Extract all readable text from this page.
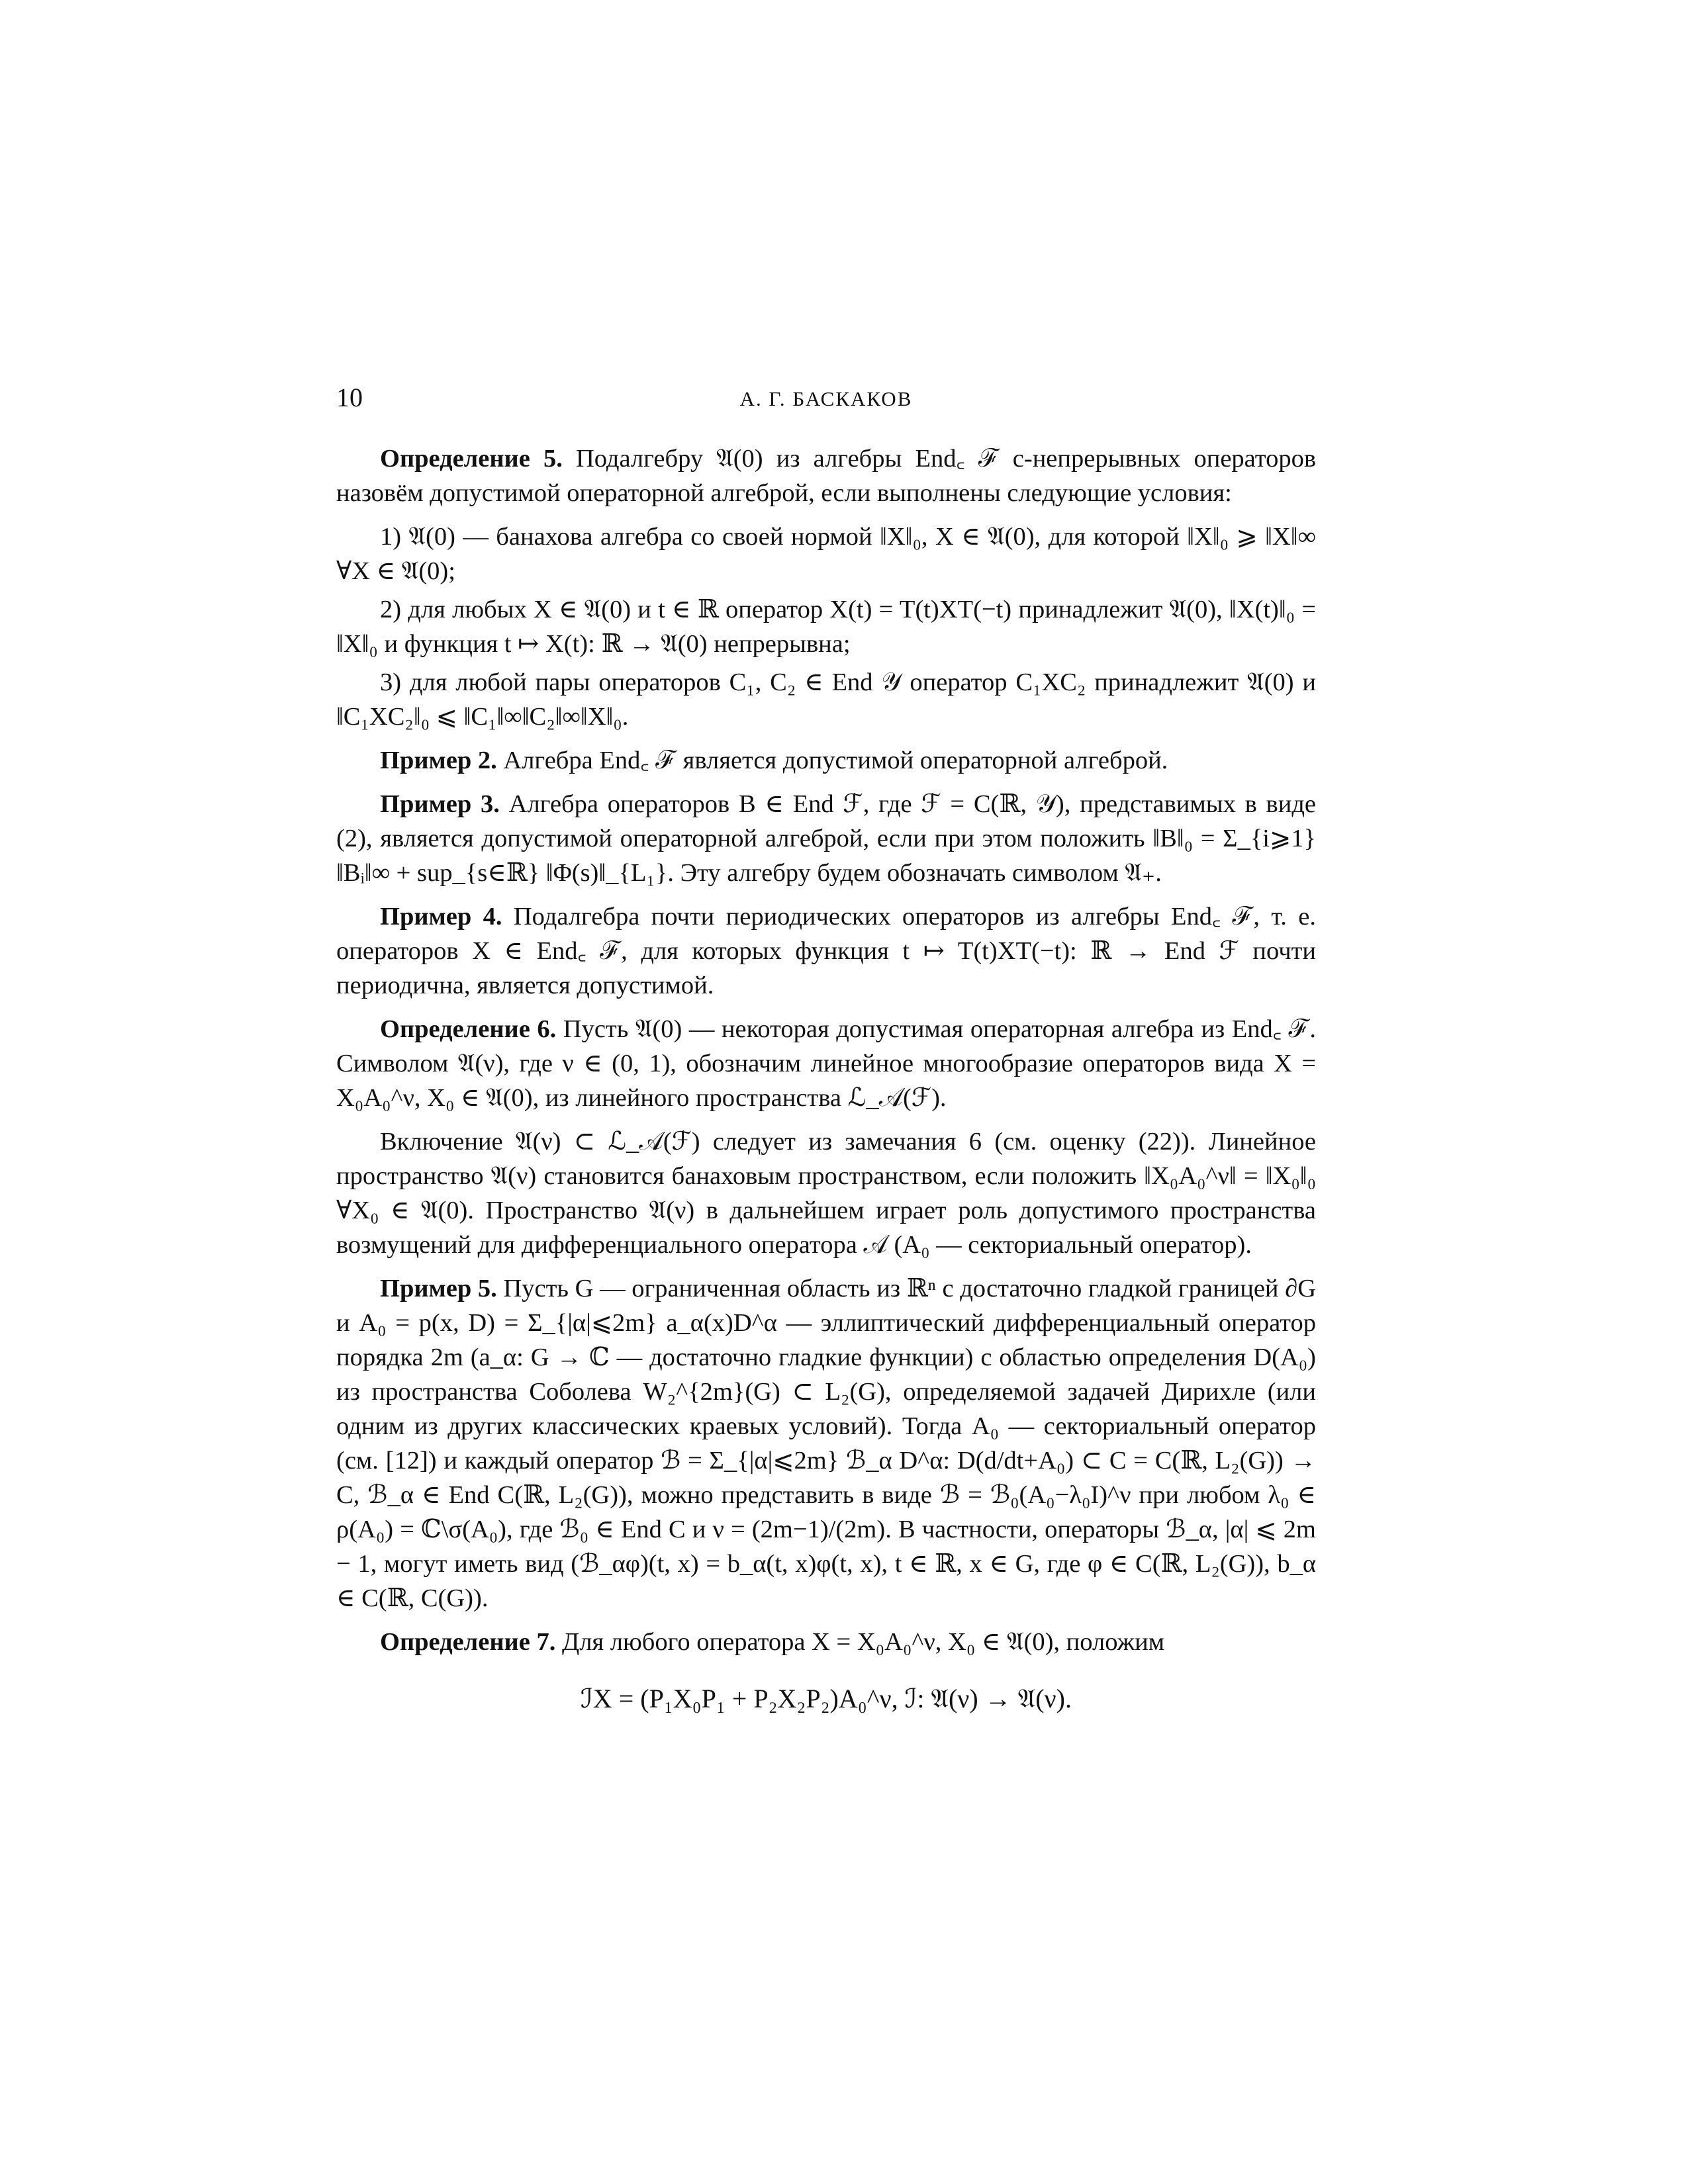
10	А. Г. БАСКАКОВ

Определение 5. Подалгебру 𝔄(0) из алгебры End꜀ ℱ c-непрерывных операторов назовём допустимой операторной алгеброй, если выполнены следующие условия:

1) 𝔄(0) — банахова алгебра со своей нормой ‖X‖₀, X ∈ 𝔄(0), для которой ‖X‖₀ ⩾ ‖X‖∞ ∀X ∈ 𝔄(0);

2) для любых X ∈ 𝔄(0) и t ∈ ℝ оператор X(t) = T(t)XT(−t) принадлежит 𝔄(0), ‖X(t)‖₀ = ‖X‖₀ и функция t ↦ X(t): ℝ → 𝔄(0) непрерывна;

3) для любой пары операторов C₁, C₂ ∈ End 𝒴 оператор C₁XC₂ принадлежит 𝔄(0) и ‖C₁XC₂‖₀ ⩽ ‖C₁‖∞‖C₂‖∞‖X‖₀.

Пример 2. Алгебра End꜀ ℱ является допустимой операторной алгеброй.

Пример 3. Алгебра операторов B ∈ End ℱ, где ℱ = C(ℝ, 𝒴), представимых в виде (2), является допустимой операторной алгеброй, если при этом положить ‖B‖₀ = Σ_{i⩾1} ‖Bᵢ‖∞ + sup_{s∈ℝ} ‖Φ(s)‖_{L₁}. Эту алгебру будем обозначать символом 𝔄₊.

Пример 4. Подалгебра почти периодических операторов из алгебры End꜀ ℱ, т. е. операторов X ∈ End꜀ ℱ, для которых функция t ↦ T(t)XT(−t): ℝ → End ℱ почти периодична, является допустимой.

Определение 6. Пусть 𝔄(0) — некоторая допустимая операторная алгебра из End꜀ ℱ. Символом 𝔄(ν), где ν ∈ (0, 1), обозначим линейное многообразие операторов вида X = X₀A₀^ν, X₀ ∈ 𝔄(0), из линейного пространства ℒ_𝒜(ℱ).

Включение 𝔄(ν) ⊂ ℒ_𝒜(ℱ) следует из замечания 6 (см. оценку (22)). Линейное пространство 𝔄(ν) становится банаховым пространством, если положить ‖X₀A₀^ν‖ = ‖X₀‖₀ ∀X₀ ∈ 𝔄(0). Пространство 𝔄(ν) в дальнейшем играет роль допустимого пространства возмущений для дифференциального оператора 𝒜 (A₀ — секториальный оператор).

Пример 5. Пусть G — ограниченная область из ℝⁿ с достаточно гладкой границей ∂G и A₀ = p(x, D) = Σ_{|α|⩽2m} a_α(x)D^α — эллиптический дифференциальный оператор порядка 2m (a_α: G → ℂ — достаточно гладкие функции) с областью определения D(A₀) из пространства Соболева W₂^{2m}(G) ⊂ L₂(G), определяемой задачей Дирихле (или одним из других классических краевых условий). Тогда A₀ — секториальный оператор (см. [12]) и каждый оператор ℬ = Σ_{|α|⩽2m} ℬ_α D^α: D(d/dt+A₀) ⊂ C = C(ℝ, L₂(G)) → C, ℬ_α ∈ End C(ℝ, L₂(G)), можно представить в виде ℬ = ℬ₀(A₀−λ₀I)^ν при любом λ₀ ∈ ρ(A₀) = ℂ\σ(A₀), где ℬ₀ ∈ End C и ν = (2m−1)/(2m). В частности, операторы ℬ_α, |α| ⩽ 2m − 1, могут иметь вид (ℬ_αφ)(t, x) = b_α(t, x)φ(t, x), t ∈ ℝ, x ∈ G, где φ ∈ C(ℝ, L₂(G)), b_α ∈ C(ℝ, C(G)).

Определение 7. Для любого оператора X = X₀A₀^ν, X₀ ∈ 𝔄(0), положим

ℐX = (P₁X₀P₁ + P₂X₂P₂)A₀^ν, ℐ: 𝔄(ν) → 𝔄(ν).
